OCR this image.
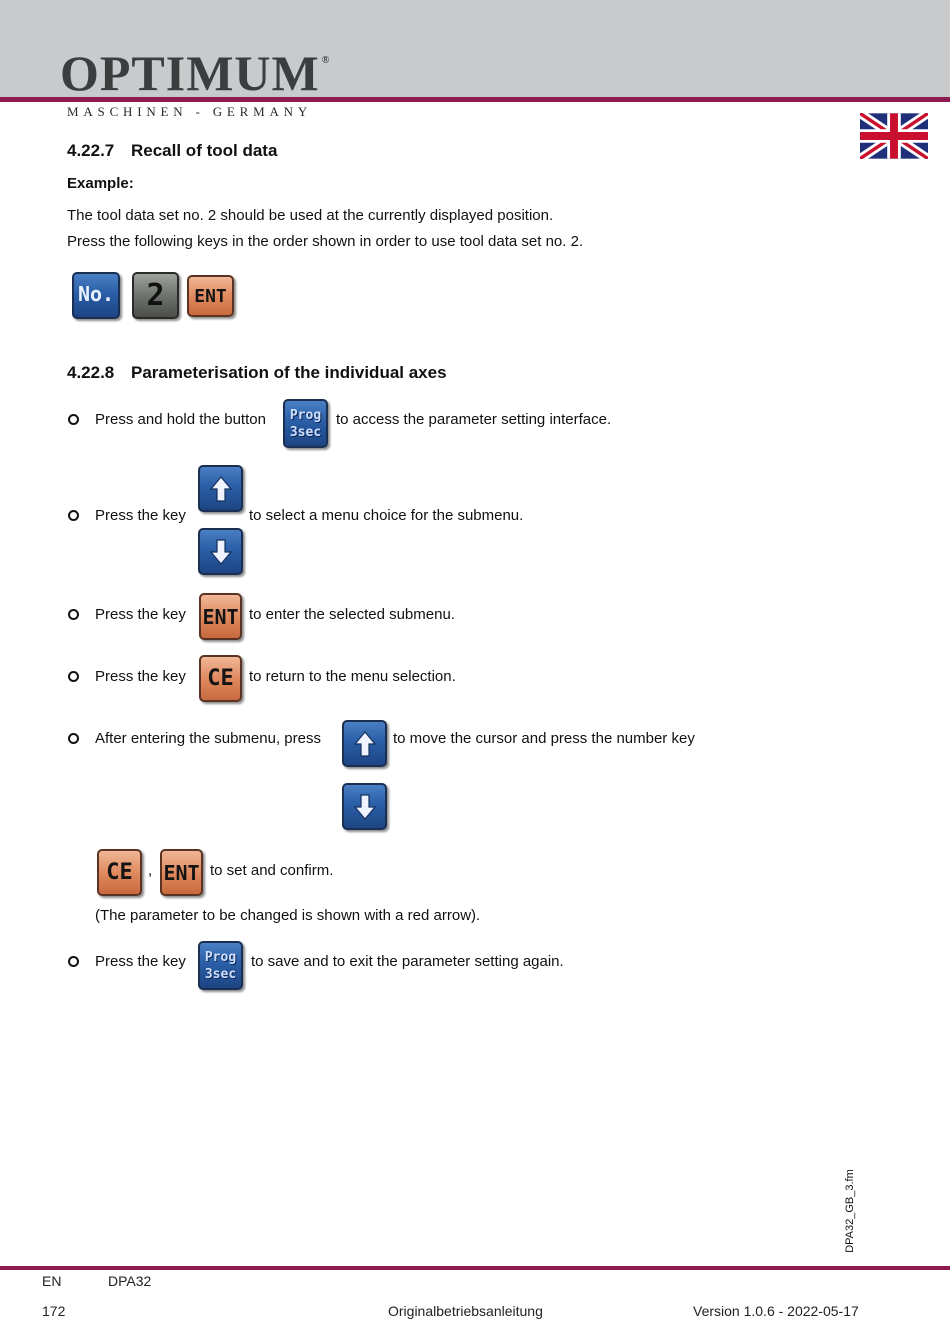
OPTIMUM ®
MASCHINEN - GERMANY
4.22.7 Recall of tool data
Example:
The tool data set no. 2 should be used at the currently displayed position.
Press the following keys in the order shown in order to use tool data set no. 2.
No.	2	ENT
4.22.8 Parameterisation of the individual axes
Press and hold the button Prog
3sec
to access the parameter setting interface.
Press the key	to select a menu choice for the submenu.
Press the key ENT to enter the selected submenu.
Press the key CE	to return to the menu selection.
After entering the submenu, press	to move the cursor and press the number key
CE	, ENT to set and confirm.
(The parameter to be changed is shown with a red arrow).
Press the key Prog
3sec
to save and to exit the parameter setting again.
DPA32_GB_3.fm
EN	DPA32
172	Originalbetriebsanleitung	Version 1.0.6 - 2022-05-17
